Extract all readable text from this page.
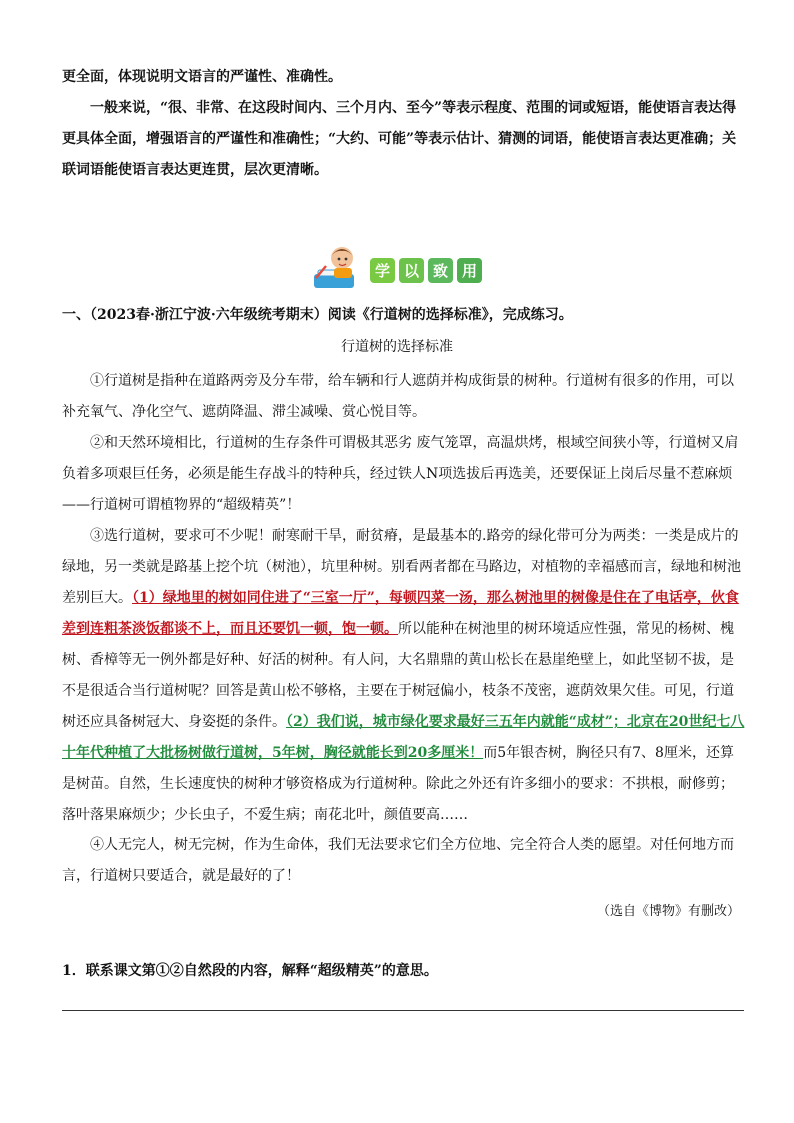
更全面，体现说明文语言的严谨性、准确性。
一般来说，“很、非常、在这段时间内、三个月内、至今”等表示程度、范围的词或短语，能使语言表达得更具体全面，增强语言的严谨性和准确性；“大约、可能”等表示估计、猜测的词语，能使语言表达更准确；关联词语能使语言表达更连贯，层次更清晰。
学 以 致 用
一、（2023春·浙江宁波·六年级统考期末）阅读《行道树的选择标准》，完成练习。
行道树的选择标准
①行道树是指种在道路两旁及分车带，给车辆和行人遮荫并构成街景的树种。行道树有很多的作用，可以补充氧气、净化空气、遮荫降温、滞尘减噪、赏心悦目等。
②和天然环境相比，行道树的生存条件可谓极其恶劣 废气笼罩，高温烘烤，根域空间狭小等，行道树又肩负着多项艰巨任务，必须是能生存战斗的特种兵，经过铁人N项选拔后再选美，还要保证上岗后尽量不惹麻烦——行道树可谓植物界的“超级精英”！
③选行道树，要求可不少呢！耐寒耐干旱，耐贫瘠，是最基本的.路旁的绿化带可分为两类：一类是成片的绿地，另一类就是路基上挖个坑（树池），坑里种树。别看两者都在马路边，对植物的幸福感而言，绿地和树池差别巨大。（1）绿地里的树如同住进了“三室一厅”，每顿四菜一汤，那么树池里的树像是住在了电话亭，伙食差到连粗茶淡饭都谈不上，而且还要饥一顿，饱一顿。所以能种在树池里的树环境适应性强，常见的杨树、槐树、香樟等无一例外都是好种、好活的树种。有人问，大名鼎鼎的黄山松长在悬崖绝壁上，如此坚韧不拔，是不是很适合当行道树呢？回答是黄山松不够格，主要在于树冠偏小，枝条不茂密，遮荫效果欠佳。可见，行道树还应具备树冠大、身姿挺的条件。（2）我们说，城市绿化要求最好三五年内就能“成材”；北京在20世纪七八十年代种植了大批杨树做行道树，5年树，胸径就能长到20多厘米！而5年银杏树，胸径只有7、8厘米，还算是树苗。自然，生长速度快的树种才够资格成为行道树种。除此之外还有许多细小的要求：不拱根，耐修剪；落叶落果麻烦少；少长虫子，不爱生病；南花北叶，颜值要高……
④人无完人，树无完树，作为生命体，我们无法要求它们全方位地、完全符合人类的愿望。对任何地方而言，行道树只要适合，就是最好的了！
（选自《博物》有删改）
1．联系课文第①②自然段的内容，解释“超级精英”的意思。
